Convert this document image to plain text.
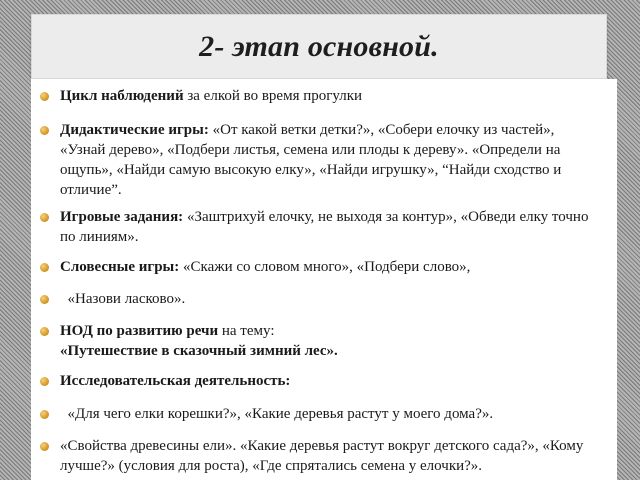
2- этап основной.
Цикл наблюдений за елкой во время прогулки
Дидактические игры: «От какой ветки детки?», «Собери елочку из частей», «Узнай дерево», «Подбери листья, семена или плоды к дереву». «Определи на ощупь», «Найди самую высокую елку», «Найди игрушку», “Найди сходство и отличие”.
Игровые задания: «Заштрихуй елочку, не выходя за контур», «Обведи елку точно по линиям».
Словесные игры: «Скажи со словом много», «Подбери слово»,
«Назови ласково».
НОД по развитию речи на тему:
«Путешествие в сказочный зимний лес».
Исследовательская деятельность:
«Для чего елки корешки?», «Какие деревья растут у моего дома?».
«Свойства древесины ели». «Какие деревья растут вокруг детского сада?», «Кому лучше?» (условия для роста), «Где спрятались семена у елочки?».
